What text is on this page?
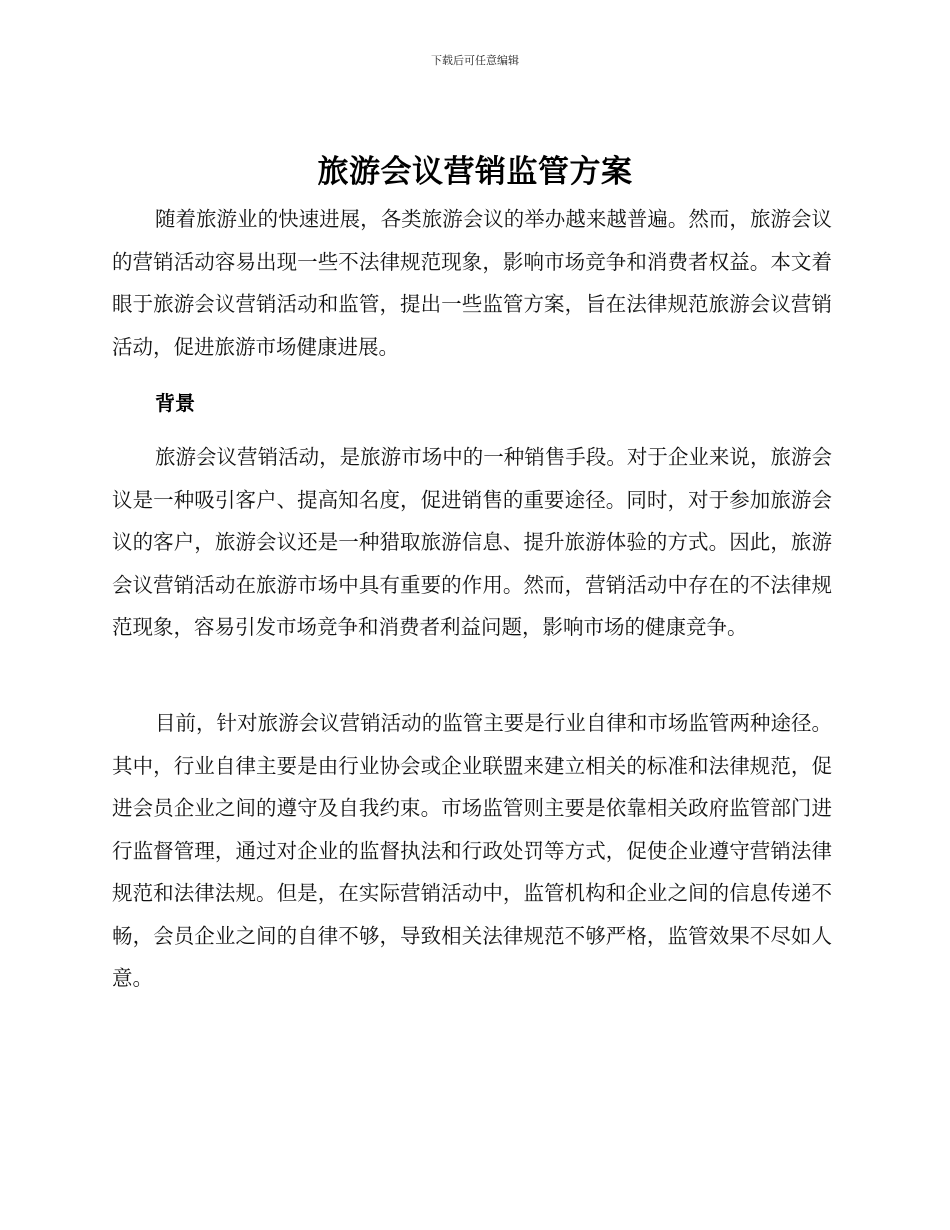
下载后可任意编辑
旅游会议营销监管方案

随着旅游业的快速进展，各类旅游会议的举办越来越普遍。然而，旅游会议的营销活动容易出现一些不法律规范现象，影响市场竞争和消费者权益。本文着眼于旅游会议营销活动和监管，提出一些监管方案，旨在法律规范旅游会议营销活动，促进旅游市场健康进展。

背景

旅游会议营销活动，是旅游市场中的一种销售手段。对于企业来说，旅游会议是一种吸引客户、提高知名度，促进销售的重要途径。同时，对于参加旅游会议的客户，旅游会议还是一种猎取旅游信息、提升旅游体验的方式。因此，旅游会议营销活动在旅游市场中具有重要的作用。然而，营销活动中存在的不法律规范现象，容易引发市场竞争和消费者利益问题，影响市场的健康竞争。

目前，针对旅游会议营销活动的监管主要是行业自律和市场监管两种途径。其中，行业自律主要是由行业协会或企业联盟来建立相关的标准和法律规范，促进会员企业之间的遵守及自我约束。市场监管则主要是依靠相关政府监管部门进行监督管理，通过对企业的监督执法和行政处罚等方式，促使企业遵守营销法律规范和法律法规。但是，在实际营销活动中，监管机构和企业之间的信息传递不畅，会员企业之间的自律不够，导致相关法律规范不够严格，监管效果不尽如人意。
